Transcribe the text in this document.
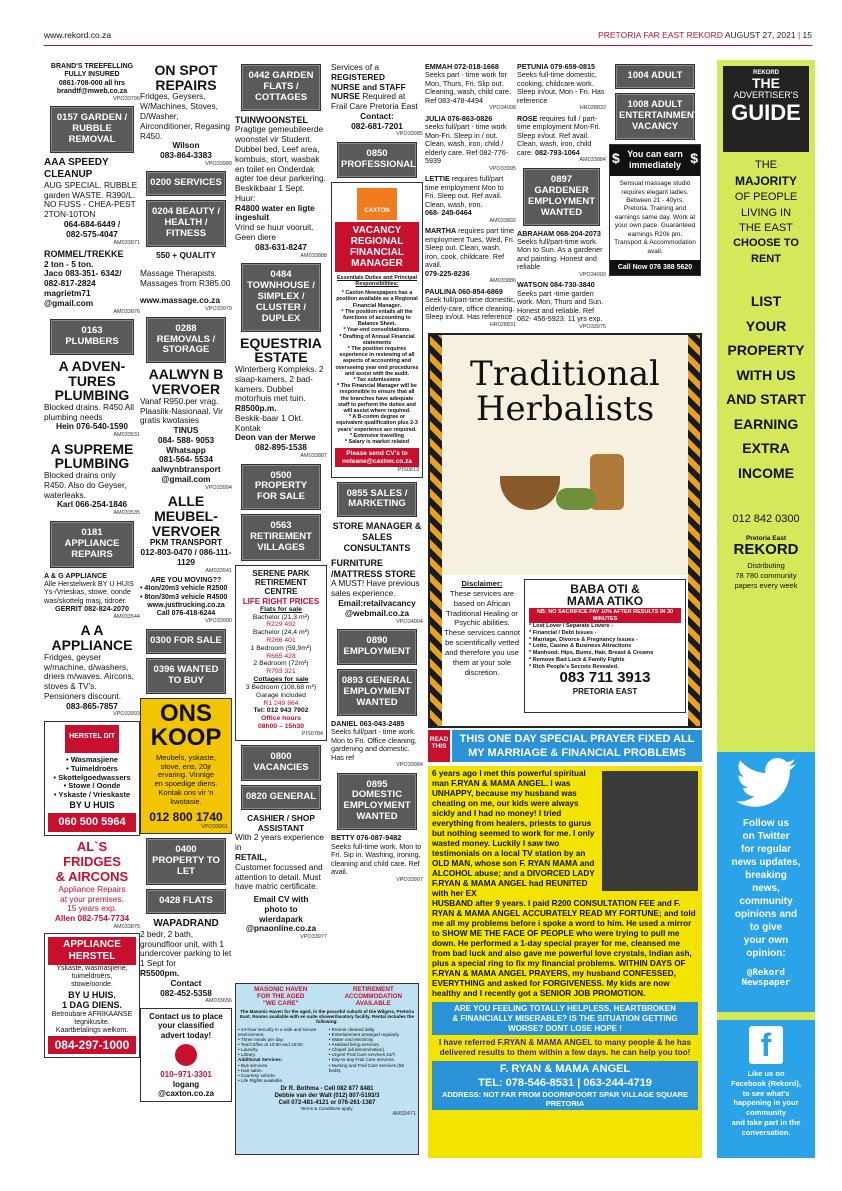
www.rekord.co.za	PRETORIA FAR EAST REKORD AUGUST 27, 2021 | 15
BRAND'S TREEFELLING
FULLY INSURED
0861-708-000 all hrs
brandtf@mweb.co.za
VPO33796
0157 GARDEN / RUBBLE REMOVAL
AAA SPEEDY
CLEANUP
AUG SPECIAL. RUBBLE garden WASTE. R390/L. NO FUSS - CHEA-PEST 2TON-10TON
064-684-6449 /
082-575-4047
AM033871
ROMMEL/TREKKE
2 ton - 5 ton.
Jaco 083-351- 6342/ 082-817-2824 magrietm71 @gmail.com
AM033876
0163 PLUMBERS
A ADVEN-
TURES
PLUMBING
Blocked drains. R450 All plumbing needs
Hein 076-540-1590
AM033531
A SUPREME
PLUMBING
Blocked drains only R450. Also do Geyser, waterleaks.
Karl 066-254-1846
AM033535
0181 APPLIANCE REPAIRS
A & G APPLIANCE
Alle Herstelwerk BY U HUIS Ys-/Vrieskas, stowe, oonde was/skottelg masj, tidroër.
GERRIT 082-824-2070
AM033544
A A
APPLIANCE
Fridges, geyser w/machine, d/washers, driers m/waves. Aircons, stoves & TV's. Pensioners discount.
083-865-7857
VPO33993
HERSTEL DIT
• Wasmasjiene
• Tuimeldroërs
• Skottelgoedwassers
• Stowe / Oonde
• Yskaste / Vrieskaste
BY U HUIS
060 500 5964
AL`S
FRIDGES
& AIRCONS
Appliance Repairs
at your premises.
15 years exp.
Allen 082-754-7734
AM033875
APPLIANCE HERSTEL
Yskaste, wasmasjiene,
tuimeldroërs,
stowe/oonde.
BY U HUIS.
1 DAG DIENS.
Betroubare AFRIKAANSE
tegnikusite.
Kaartbetalings welkom.
084-297-1000
ON SPOT
REPAIRS
Fridges, Geysers, W/Machines, Stoves, D/Washer, Airconditioner, Regasing R450.
Wilson
083-864-3383
VPO33980
0200 SERVICES
0204 BEAUTY / HEALTH / FITNESS
550 + QUALITY
Massage Therapists. Massages from R385.00
www.massage.co.za
VPO33979
0288 REMOVALS / STORAGE
AALWYN B
VERVOER
Vanaf R950.per vrag. Plaaslik-Nasionaal. Vir gratis kwotasies
TINUS
084- 588- 9053
Whatsapp
081-564- 5534
aalwynbtransport @gmail.com
VPO33994
ALLE
MEUBEL-
VERVOER
PKM TRANSPORT
012-803-0470 / 086-111-1129
AM033541
ARE YOU MOVING??
• 4ton/20m3 vehicle R2500
• 8ton/30m3 vehicle R4500
www.justtrucking.co.za
Call 076-418-6244
VPO33990
0300 FOR SALE
0396 WANTED TO BUY
ONS
KOOP
Meubels, yskaste,
stove, ens, 20jr
ervaring. Vinnige
en spoedige diens.
Kontak ons vir 'n
kwotasie.
012 800 1740
VPO33961
0400 PROPERTY TO LET
0428 FLATS
WAPADRAND
2 bedr, 2 bath, groundfloor unit, with 1 undercover parking to let 1 Sept for
R5500pm.
Contact
082-452-5358
AM033656
Contact us to place
your classified
advert today!
010–971-3301
logang
@caxton.co.za
0442 GARDEN FLATS / COTTAGES
TUINWOONSTEL
Pragtige gemeubileerde woonstel vir Student. Dubbel bed, Leef area, kombuis, stort, wasbak en toilet en Onderdak agter toe deur parkering. Beskikbaar 1 Sept. Huur:
R4800 water en ligte ingesluit
Vrind se huur vooruit. Geen diere
083-631-8247
AM033888
0484 TOWNHOUSE / SIMPLEX / CLUSTER / DUPLEX
EQUESTRIA
ESTATE
Winterberg Kompleks. 2 slaap-kamers, 2 bad-kamers. Dubbel motorhuis met tuin.
R8500p.m.
Beskik-baar 1 Okt. Kontak
Deon van der Merwe
082-895-1538
AM033887
0500 PROPERTY FOR SALE
0563 RETIREMENT VILLAGES
SERENE PARK
RETIREMENT
CENTRE
LIFE RIGHT PRICES
Flats for sale
Bachelor (21,3 m²)
R229 492
Bachelor (24,4 m²)
R266 401
1 Bedroom (59,9m²)
R665 428
2 Bedroom (72m²)
R793 321
Cottages for sale
3 Bedroom (108,68 m²)
Garage included
R1 249 864
Tel: 012 943 7902
Office hours
08h00 – 15h30
PIS0784
0800 VACANCIES
0820 GENERAL
CASHIER / SHOP
ASSISTANT
With 2 years experience in
RETAIL,
Customer focussed and attention to detail. Must have matric certificate.
Email CV with
photo to
wierdapark
@pnaonline.co.za
VPO33977
MASONIC HAVEN
FOR THE AGED
"WE CARE"
RETIREMENT
ACCOMMODATION
AVAILABLE
The Masonic Haven for the aged, in the peaceful suburb of Die Wilgers, Pretoria East. Rooms available with en suite shower/lavatory facility. Rental includes the following:
• 24-hour security in a safe and secure environment.
• Three meals per day.
• Tea/Coffee at 10:00 and 15:00.
• Laundry.
• Library.
Additional Services:
• Bus services.
• Hair salon.
• Courtesy vehicle.
• Life Rights available.
• Rooms cleaned daily.
• Entertainment arranged regularly.
• Water and electricity.
• Assisted living services.
• Chapel (all denomination).
• Urgent Frail Care services 24/7.
• Day-to-day Frail Care services.
• Nursing and Frail Care services (58 beds).
Dr R. Bothma - Cell 082 877 8481
Debbie van der Walt (012) 807-5193/3
Cell 072-481-4121 or 076-261-1387
Terms & Conditions apply.
AM33471
Services of a
REGISTERED
NURSE and STAFF
NURSE Required at Frail Care Pretoria East
Contact:
082-681-7201
VPO33985
0850 PROFESSIONAL
CAXTON
VACANCY
REGIONAL
FINANCIAL
MANAGER
Essentials Duties and Principal Responsibilities:
* Caxton Newspapers has a position available as a Regional Financial Manager.
* The position entails all the functions of accounting to Balance Sheet.
* Year-end consolidations.
* Drafting of Annual Financial statements
* The position requires experience in reviewing of all aspects of accounting and overseeing year end procedures and assist with the audit.
* Tax submissions
* The Financial Manager will be responsible to ensure that all the branches have adequate staff to perform the duties and will assist where required.
* A B-comm degree or equivalent qualification plus 2-3 years' experience are required.
* Extensive travelling
* Salary is market related
Please send CV's to
noleane@caxton.co.za
PIS0813
0855 SALES / MARKETING
STORE MANAGER & SALES CONSULTANTS
FURNITURE /MATTRESS STORE
A MUST! Have previous sales experience.
Email:retailvacancy @webmail.co.za
VPO34004
0890 EMPLOYMENT
0893 GENERAL EMPLOYMENT WANTED
DANIEL 063-043-2485
Seeks full/part - time work. Mon to Fri. Office cleaning, gardening and domestic. Has ref
VPO33984
0895 DOMESTIC EMPLOYMENT WANTED
BETTY 076-087-9482
Seeks full-time work. Mon to Fri. Sip in. Washing, ironing, cleaning and child care. Ref avail.
VPO33997
EMMAH 072-018-1668
Seeks part - time work for Mon, Thurs, Fri. Slip out. Cleaning, wash, child care. Ref 083-478-4494
VPO34008
JULIA 076-863-0826
seeks full/part - time work Mon-Fri. Sleep in / out. Clean, wash, iron, child / elderly care. Ref 082-776-5939
VPO33995
LETTIE requires full/part time employment Mon to Fri. Sleep out. Ref avail. Clean, wash, iron.
068- 245-0464
AM033892
MARTHA requires part time employment Tues, Wed, Fri. Sleep out. Clean, wash, iron, cook, childcare. Ref avail.
079-225-8236
AM033886
PAULINA 060-854-6869
Seek full/part-time domestic, elderly-care, office cleaning. Sleep in/out. Has reference
HR028831
PETUNIA 079-659-0815
Seeks full-time domestic, cooking, childcare work. Sleep in/out, Mon - Fri. Has reference
HR028832
ROSE requires full / part-time employment Mon-Fri. Sleep in/out. Ref avail. Clean, wash, iron, child care. 082-793-1064
AM033884
0897 GARDENER EMPLOYMENT WANTED
ABRAHAM 068-204-2073
Seeks full/part-time work. Mon to Sun. As a gardener and painting. Honest and reliable
VPO34000
WATSON 084-730-3840
Seeks part -time garden work. Mon, Thurs and Sun. Honest and reliable. Ref 082- 456-5923. 11 yrs exp.
VPO33975
1004 ADULT
1008 ADULT ENTERTAINMENT VACANCY
$	$
You can earn
immediately
Sensual massage studio requires elegant ladies. Between 21 - 40yrs, Pretoria. Training and earnings same day. Work at your own pace. Guaranteed earnings R20k pm. Transport & Accommodation avail.
Call Now 076 388 5620
Traditional
Herbalists
Disclaimer:
These services are based on African Traditional Healing or Psychic abilities. These services cannot be scientifically vetted and therefore you use them at your sole discretion.
BABA OTI &
MAMA ATIKO
NB: NO SACRIFICE PAY 10% AFTER RESULTS IN 30 MINUTES
* Lost Lover / Separate Lovers -
* Financial / Debt Issues -
* Marriage, Divorce & Pregnancy Issues -
* Lotto, Casino & Business Attractions
* Manhood, Hips, Bums, Hair, Breast & Creams
* Remove Bad Luck & Family Fights
* Rich People's Secrets Revealed.
083 711 3913
PRETORIA EAST
READ THIS
THIS ONE DAY SPECIAL PRAYER FIXED ALL
MY MARRIAGE & FINANCIAL PROBLEMS
6 years ago I met this powerful spiritual man F.RYAN & MAMA ANGEL. I was UNHAPPY, because my husband was cheating on me, our kids were always sickly and I had no money! I tried everything from healers, priests to gurus but nothing seemed to work for me. I only wasted money. Luckily I saw two testimonials on a local TV station by an OLD MAN, whose son F. RYAN MAMA and ALCOHOL abuse; and a DIVORCED LADY F.RYAN & MAMA ANGEL had REUNITED with her EX
HUSBAND after 9 years. I paid R200 CONSULTATION FEE and F. RYAN & MAMA ANGEL ACCURATELY READ MY FORTUNE; and told me all my problems before i spoke a word to him. He used a mirror to SHOW ME THE FACE OF PEOPLE who were trying to pull me down. He performed a 1-day special prayer for me, cleansed me from bad luck and also gave me powerful love crystals, Indian ash, plus a special ring to fix my financial problems. WITHIN DAYS OF F.RYAN & MAMA ANGEL PRAYERS, my husband CONFESSED, EVERYTHING and asked for FORGIVENESS. My kids are now healthy and I recently got a SENIOR JOB PROMOTION.
ARE YOU FEELING TOTALLY HELPLESS, HEARTBROKEN
& FINANCIALLY MISERABLE? IS THE SITUATION GETTING
WORSE? DONT LOSE HOPE !
I have referred F.RYAN & MAMA ANGEL to many people & he has delivered results to them within a few days. he can help you too!
F. RYAN & MAMA ANGEL
TEL: 078-546-8531 | 063-244-4719
ADDRESS: NOT FAR FROM DOORNPOORT SPAR VILLAGE SQUARE PRETORIA
REKORD
THE
ADVERTISER'S
GUIDE
THE
MAJORITY
OF PEOPLE
LIVING IN
THE EAST
CHOOSE TO
RENT
LIST
YOUR
PROPERTY
WITH US
AND START
EARNING
EXTRA
INCOME
012 842 0300
Pretoria East
REKORD
Distributing
78 780 community
papers every week
Follow us
on Twitter
for regular
news updates,
breaking
news,
community
opinions and
to give
your own
opinion:
@Rekord
Newspaper
f
Like us on
Facebook (Rekord),
to see what's
happening in your
community
and take part in the
conversation.
